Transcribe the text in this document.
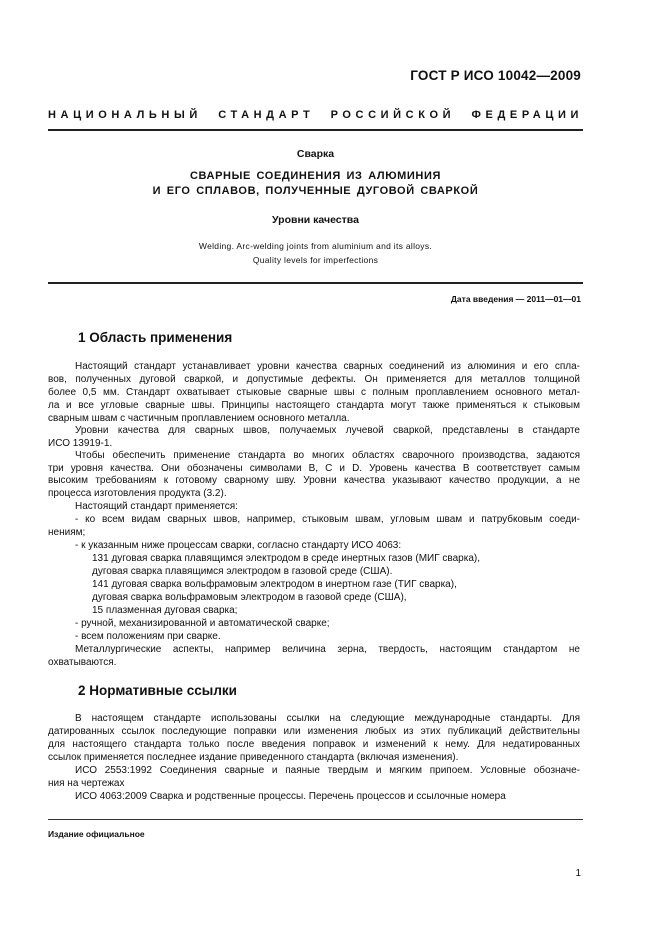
ГОСТ Р ИСО 10042—2009
НАЦИОНАЛЬНЫЙ СТАНДАРТ РОССИЙСКОЙ ФЕДЕРАЦИИ
Сварка
СВАРНЫЕ СОЕДИНЕНИЯ ИЗ АЛЮМИНИЯ
И ЕГО СПЛАВОВ, ПОЛУЧЕННЫЕ ДУГОВОЙ СВАРКОЙ
Уровни качества
Welding. Arc-welding joints from aluminium and its alloys.
Quality levels for imperfections
Дата введения — 2011—01—01
1 Область применения
Настоящий стандарт устанавливает уровни качества сварных соединений из алюминия и его спла-
вов, полученных дуговой сваркой, и допустимые дефекты. Он применяется для металлов толщиной
более 0,5 мм. Стандарт охватывает стыковые сварные швы с полным проплавлением основного метал-
ла и все угловые сварные швы. Принципы настоящего стандарта могут также применяться к стыковым
сварным швам с частичным проплавлением основного металла.
Уровни качества для сварных швов, получаемых лучевой сваркой, представлены в стандарте
ИСО 13919-1.
Чтобы обеспечить применение стандарта во многих областях сварочного производства, задаются
три уровня качества. Они обозначены символами В, С и D. Уровень качества В соответствует самым
высоким требованиям к готовому сварному шву. Уровни качества указывают качество продукции, а не
процесса изготовления продукта (3.2).
Настоящий стандарт применяется:
- ко всем видам сварных швов, например, стыковым швам, угловым швам и патрубковым соеди-
нениям;
- к указанным ниже процессам сварки, согласно стандарту ИСО 4063:
131 дуговая сварка плавящимся электродом в среде инертных газов (МИГ сварка),
дуговая сварка плавящимся электродом в газовой среде (США).
141 дуговая сварка вольфрамовым электродом в инертном газе (ТИГ сварка),
дуговая сварка вольфрамовым электродом в газовой среде (США),
15 плазменная дуговая сварка;
- ручной, механизированной и автоматической сварке;
- всем положениям при сварке.
Металлургические аспекты, например величина зерна, твердость, настоящим стандартом не
охватываются.
2 Нормативные ссылки
В настоящем стандарте использованы ссылки на следующие международные стандарты. Для
датированных ссылок последующие поправки или изменения любых из этих публикаций действительны
для настоящего стандарта только после введения поправок и изменений к нему. Для недатированных
ссылок применяется последнее издание приведенного стандарта (включая изменения).
ИСО 2553:1992 Соединения сварные и паяные твердым и мягким припоем. Условные обозначе-
ния на чертежах
ИСО 4063:2009 Сварка и родственные процессы. Перечень процессов и ссылочные номера
Издание официальное
1
